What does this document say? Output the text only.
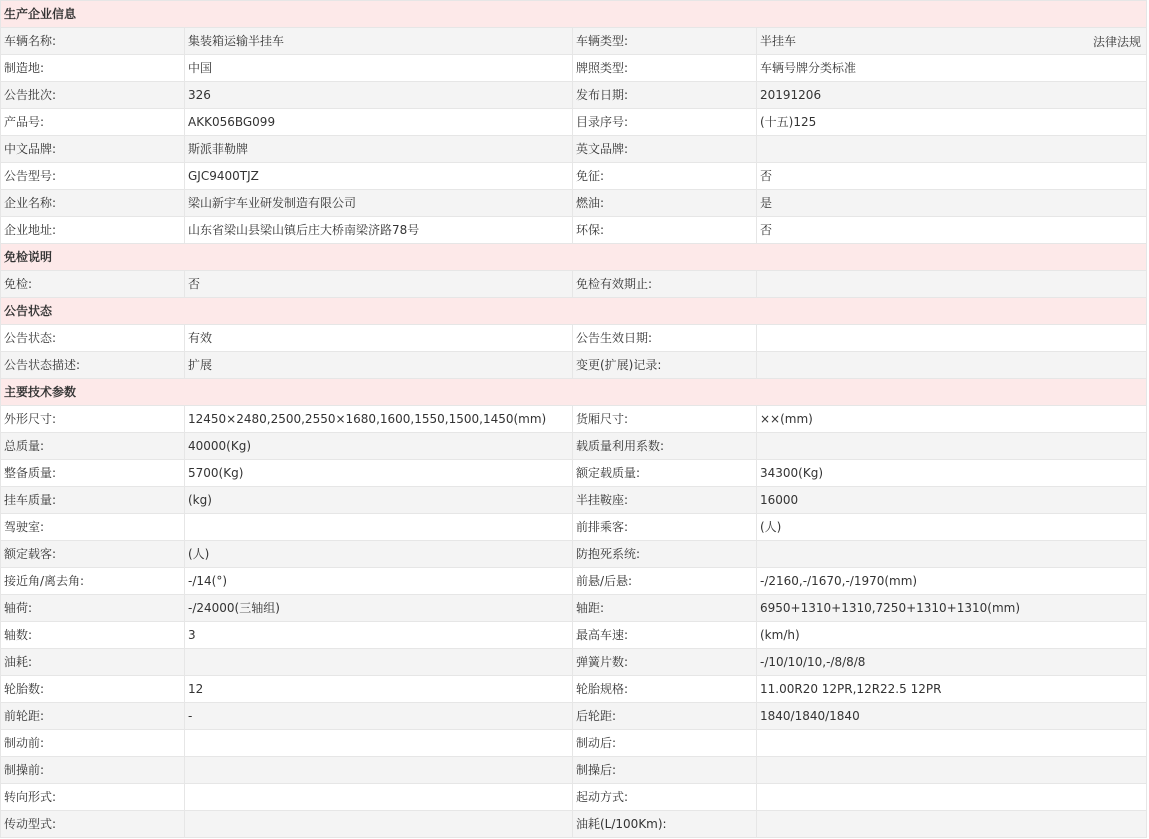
法律法规
生产企业信息			
车辆名称:	集装箱运输半挂车	车辆类型:	半挂车
制造地:	中国	牌照类型:	车辆号牌分类标准
公告批次:	326	发布日期:	20191206
产品号:	AKK056BG099	目录序号:	(十五)125
中文品牌:	斯派菲勒牌	英文品牌:	
公告型号:	GJC9400TJZ	免征:	否
企业名称:	梁山新宇车业研发制造有限公司	燃油:	是
企业地址:	山东省梁山县梁山镇后庄大桥南梁济路78号	环保:	否
免检说明			
免检:	否	免检有效期止:	
公告状态			
公告状态:	有效	公告生效日期:	
公告状态描述:	扩展	变更(扩展)记录:	
主要技术参数			
外形尺寸:	12450×2480,2500,2550×1680,1600,1550,1500,1450(mm)	货厢尺寸:	××(mm)
总质量:	40000(Kg)	载质量利用系数:	
整备质量:	5700(Kg)	额定载质量:	34300(Kg)
挂车质量:	(kg)	半挂鞍座:	16000
驾驶室:		前排乘客:	(人)
额定载客:	(人)	防抱死系统:	
接近角/离去角:	-/14(°)	前悬/后悬:	-/2160,-/1670,-/1970(mm)
轴荷:	-/24000(三轴组)	轴距:	6950+1310+1310,7250+1310+1310(mm)
轴数:	3	最高车速:	(km/h)
油耗:		弹簧片数:	-/10/10/10,-/8/8/8
轮胎数:	12	轮胎规格:	11.00R20 12PR,12R22.5 12PR
前轮距:	-	后轮距:	1840/1840/1840
制动前:		制动后:	
制操前:		制操后:	
转向形式:		起动方式:	
传动型式:		油耗(L/100Km):	
